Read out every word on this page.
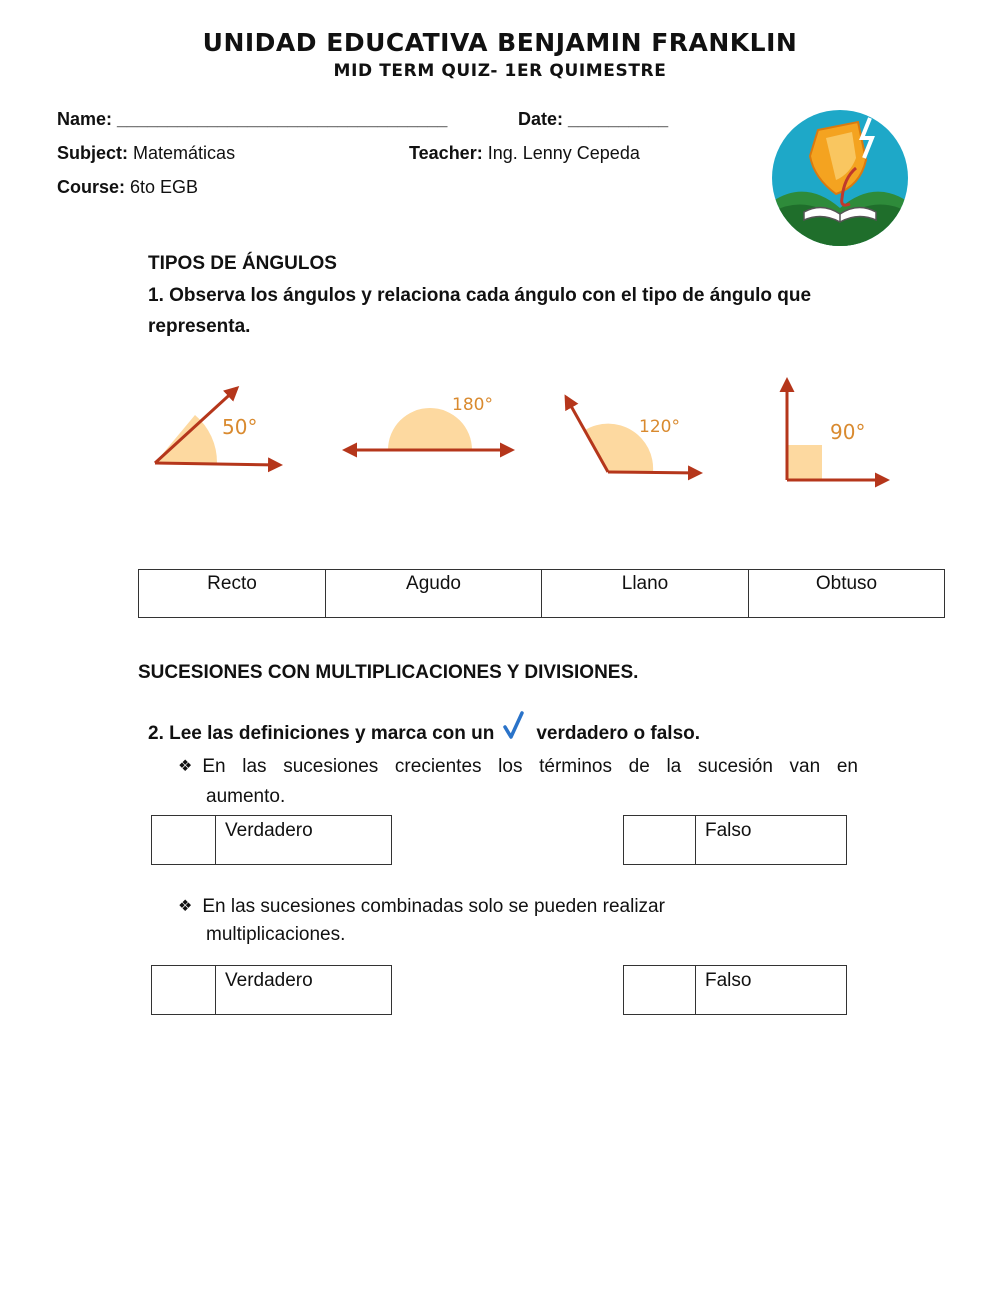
UNIDAD EDUCATIVA BENJAMIN FRANKLIN
MID TERM QUIZ- 1ER QUIMESTRE
Name: _________________________________	Date: __________
Subject: Matemáticas	Teacher: Ing. Lenny Cepeda
Course: 6to EGB
TIPOS DE ÁNGULOS
1. Observa los ángulos y relaciona cada ángulo con el tipo de ángulo que
representa.
50°
180°
120°	90°
Recto	Agudo	Llano	Obtuso
SUCESIONES CON MULTIPLICACIONES Y DIVISIONES.
2. Lee las definiciones y marca con un verdadero o falso.
❖ En las sucesiones crecientes los términos de la sucesión van en
aumento.
Verdadero	Falso
❖ En las sucesiones combinadas solo se pueden realizar
multiplicaciones.
Verdadero	Falso
